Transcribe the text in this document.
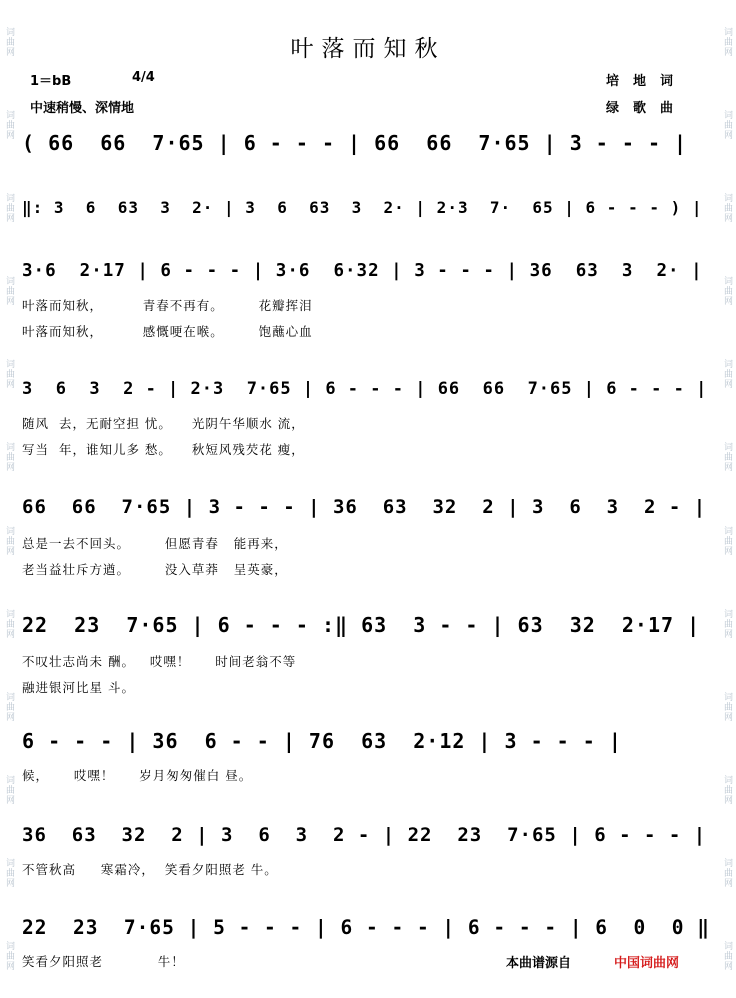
词曲网
词曲网
词曲网
词曲网
词曲网
词曲网
词曲网
词曲网
词曲网
词曲网
词曲网
词曲网
词曲网
词曲网
词曲网
词曲网
词曲网
词曲网
词曲网
词曲网
词曲网
词曲网
词曲网
词曲网
叶落而知秋
1＝bB	4/4
中速稍慢、深情地
培地词
绿歌曲
( 66  66  7·65 | 6 - - - | 66  66  7·65 | 3 - - - |
‖: 3  6  63  3  2· | 3  6  63  3  2· | 2·3  7·  65 | 6 - - - ) |
3·6  2·17 | 6 - - - | 3·6  6·32 | 3 - - - | 36  63  3  2· |
叶落而知秋，        青春不再有。       花瓣挥泪
叶落而知秋，        感慨哽在喉。       饱蘸心血
3  6  3  2 - | 2·3  7·65 | 6 - - - | 66  66  7·65 | 6 - - - |
随风  去，无耐空担 忧。    光阴午华顺水 流，
写当  年，谁知儿多 愁。    秋短风残芡花 瘦，
66  66  7·65 | 3 - - - | 36  63  32  2 | 3  6  3  2 - |
总是一去不回头。       但愿青春   能再来，
老当益壮斥方遒。       没入草莽   呈英豪，
22  23  7·65 | 6 - - - :‖ 63  3 - - | 63  32  2·17 |
不叹壮志尚未 酬。   哎嘿！     时间老翁不等
融进银河比星 斗。
6 - - - | 36  6 - - | 76  63  2·12 | 3 - - - |
候，     哎嘿！     岁月匆匆催白 昼。
36  63  32  2 | 3  6  3  2 - | 22  23  7·65 | 6 - - - |
不管秋高     寒霜冷，  笑看夕阳照老 牛。
22  23  7·65 | 5 - - - | 6 - - - | 6 - - - | 6  0  0 ‖
笑看夕阳照老           牛！	本曲谱源自	中国词曲网
